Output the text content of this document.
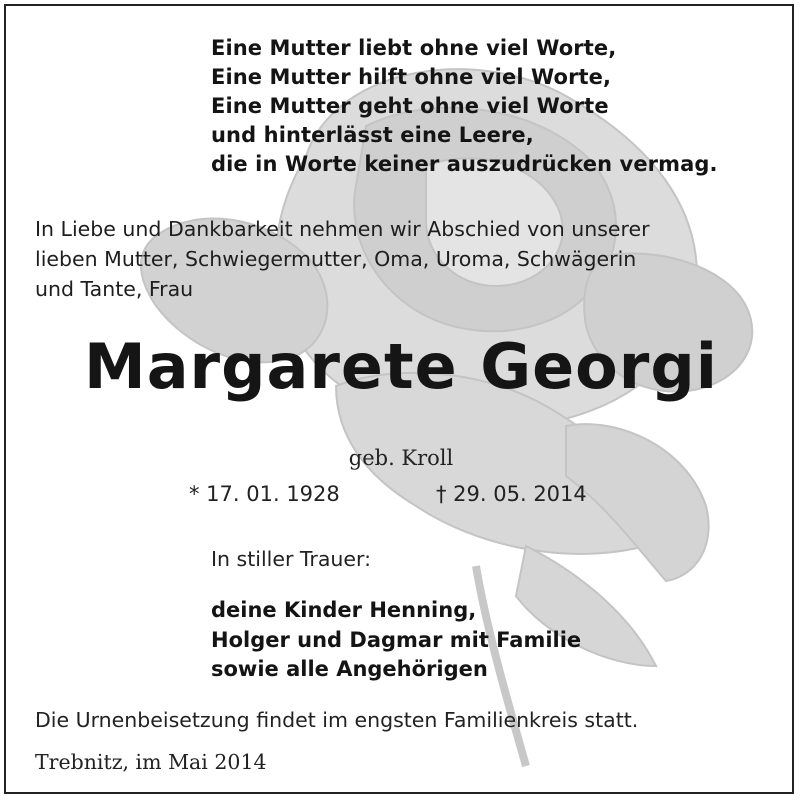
Eine Mutter liebt ohne viel Worte,
Eine Mutter hilft ohne viel Worte,
Eine Mutter geht ohne viel Worte
und hinterlässt eine Leere,
die in Worte keiner auszudrücken vermag.
In Liebe und Dankbarkeit nehmen wir Abschied von unserer
lieben Mutter, Schwiegermutter, Oma, Uroma, Schwägerin
und Tante, Frau
Margarete Georgi
geb. Kroll
* 17. 01. 1928	† 29. 05. 2014
In stiller Trauer:
deine Kinder Henning,
Holger und Dagmar mit Familie
sowie alle Angehörigen
Die Urnenbeisetzung findet im engsten Familienkreis statt.
Trebnitz, im Mai 2014
